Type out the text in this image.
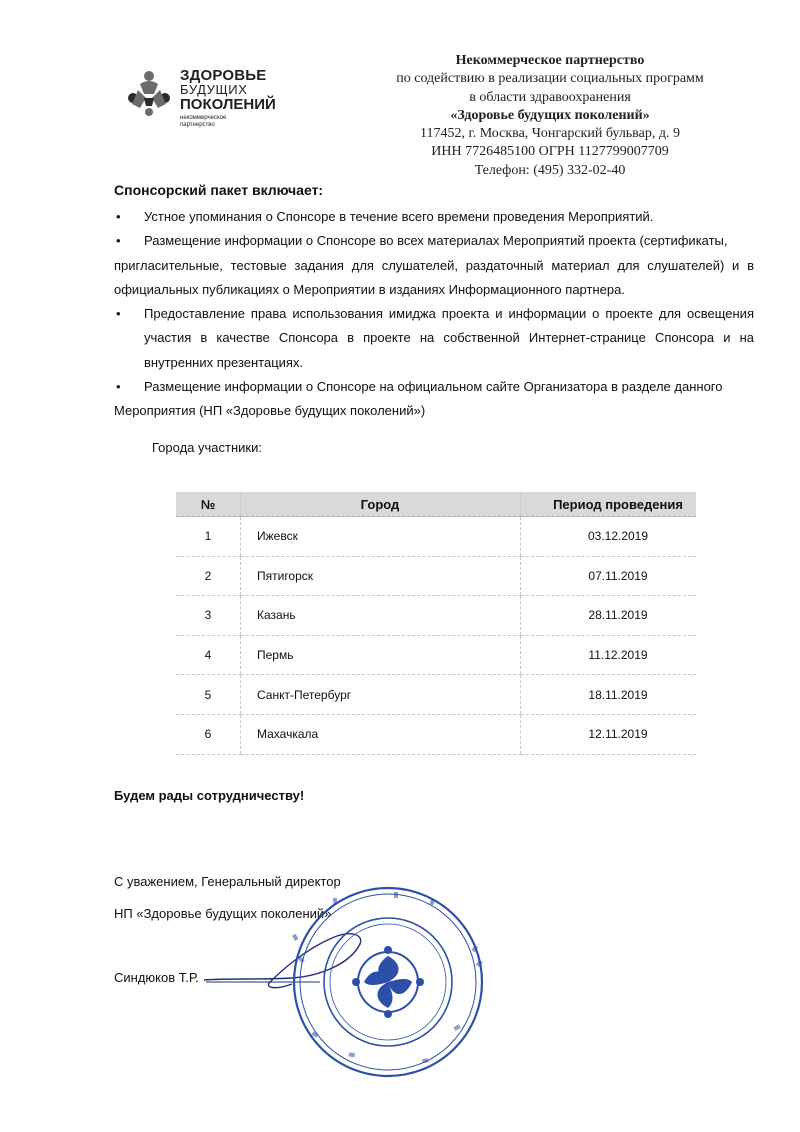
ЗДОРОВЬЕ
БУДУЩИХ
ПОКОЛЕНИЙ
некоммерческое
партнерство
Некоммерческое партнерство
по содействию в реализации социальных программ
в области здравоохранения
«Здоровье будущих поколений»
117452, г. Москва, Чонгарский бульвар, д. 9
ИНН 7726485100 ОГРН 1127799007709
Телефон: (495) 332-02-40
Спонсорский пакет включает:
•	Устное упоминания о Спонсоре в течение всего времени проведения Мероприятий.
•	Размещение информации о Спонсоре во всех материалах Мероприятий проекта (сертификаты,
пригласительные, тестовые задания для слушателей, раздаточный материал для слушателей) и в официальных публикациях о Мероприятии в изданиях Информационного партнера.
•	Предоставление права использования имиджа проекта и информации о проекте для освещения участия в качестве Спонсора в проекте на собственной Интернет-странице Спонсора и на внутренних презентациях.
•	Размещение информации о Спонсоре на официальном сайте Организатора в разделе данного
Мероприятия (НП «Здоровье будущих поколений»)
Города участники:
№	Город	Период проведения
1	Ижевск	03.12.2019
2	Пятигорск	07.11.2019
3	Казань	28.11.2019
4	Пермь	11.12.2019
5	Санкт-Петербург	18.11.2019
6	Махачкала	12.11.2019
Будем рады сотрудничеству!
С уважением, Генеральный директор
НП «Здоровье будущих поколений»
Синдюков Т.Р.
